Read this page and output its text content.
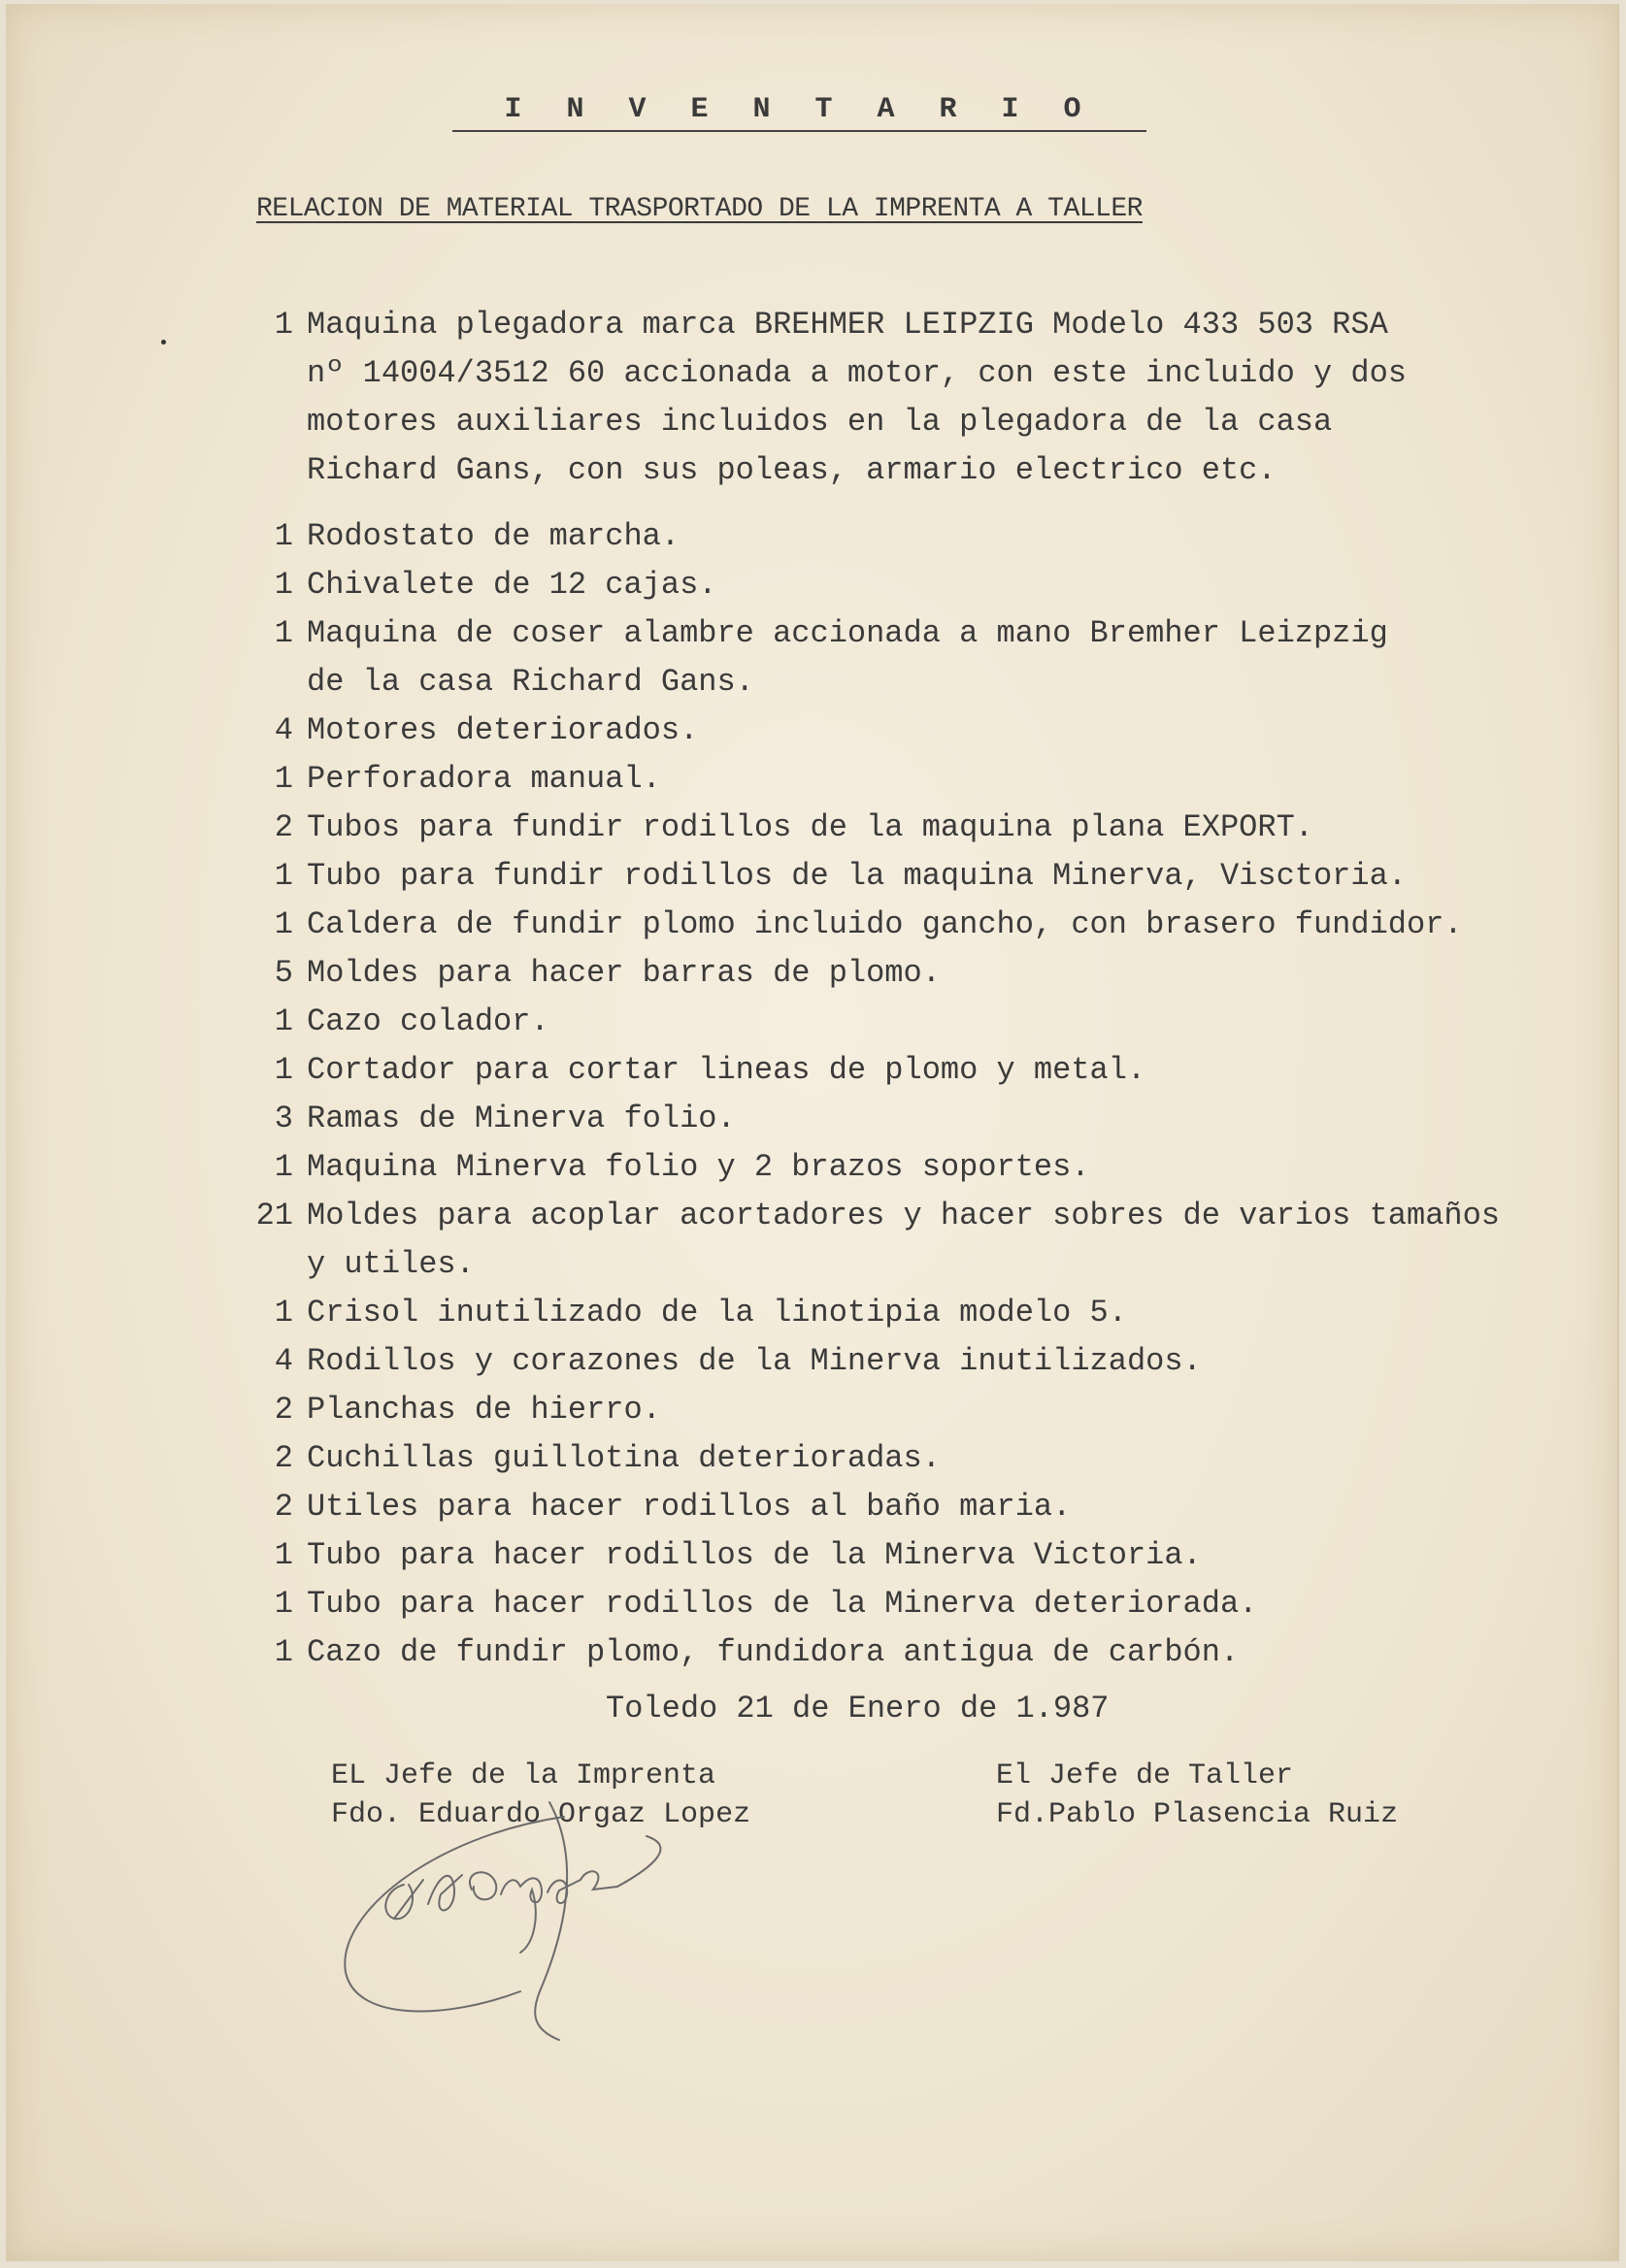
I N V E N T A R I O
RELACION DE MATERIAL TRASPORTADO DE LA IMPRENTA A TALLER
1 Maquina plegadora marca BREHMER LEIPZIG Modelo 433 503 RSA
nº 14004/3512 60 accionada a motor, con este incluido y dos
motores auxiliares incluidos en la plegadora de la casa
Richard Gans, con sus poleas, armario electrico etc.
1 Rodostato de marcha.
1 Chivalete de 12 cajas.
1 Maquina de coser alambre accionada a mano Bremher Leizpzig
de la casa Richard Gans.
4 Motores deteriorados.
1 Perforadora manual.
2 Tubos para fundir rodillos de la maquina plana EXPORT.
1 Tubo para fundir rodillos de la maquina Minerva, Visctoria.
1 Caldera de fundir plomo incluido gancho, con brasero fundidor.
5 Moldes para hacer barras de plomo.
1 Cazo colador.
1 Cortador para cortar lineas de plomo y metal.
3 Ramas de Minerva folio.
1 Maquina Minerva folio y 2 brazos soportes.
21 Moldes para acoplar acortadores y hacer sobres de varios tamaños
y utiles.
1 Crisol inutilizado de la linotipia modelo 5.
4 Rodillos y corazones de la Minerva inutilizados.
2 Planchas de hierro.
2 Cuchillas guillotina deterioradas.
2 Utiles para hacer rodillos al baño maria.
1 Tubo para hacer rodillos de la Minerva Victoria.
1 Tubo para hacer rodillos de la Minerva deteriorada.
1 Cazo de fundir plomo, fundidora antigua de carbón.
Toledo 21 de Enero de 1.987
EL Jefe de la Imprenta
Fdo. Eduardo Orgaz Lopez
El Jefe de Taller
Fd.Pablo Plasencia Ruiz
